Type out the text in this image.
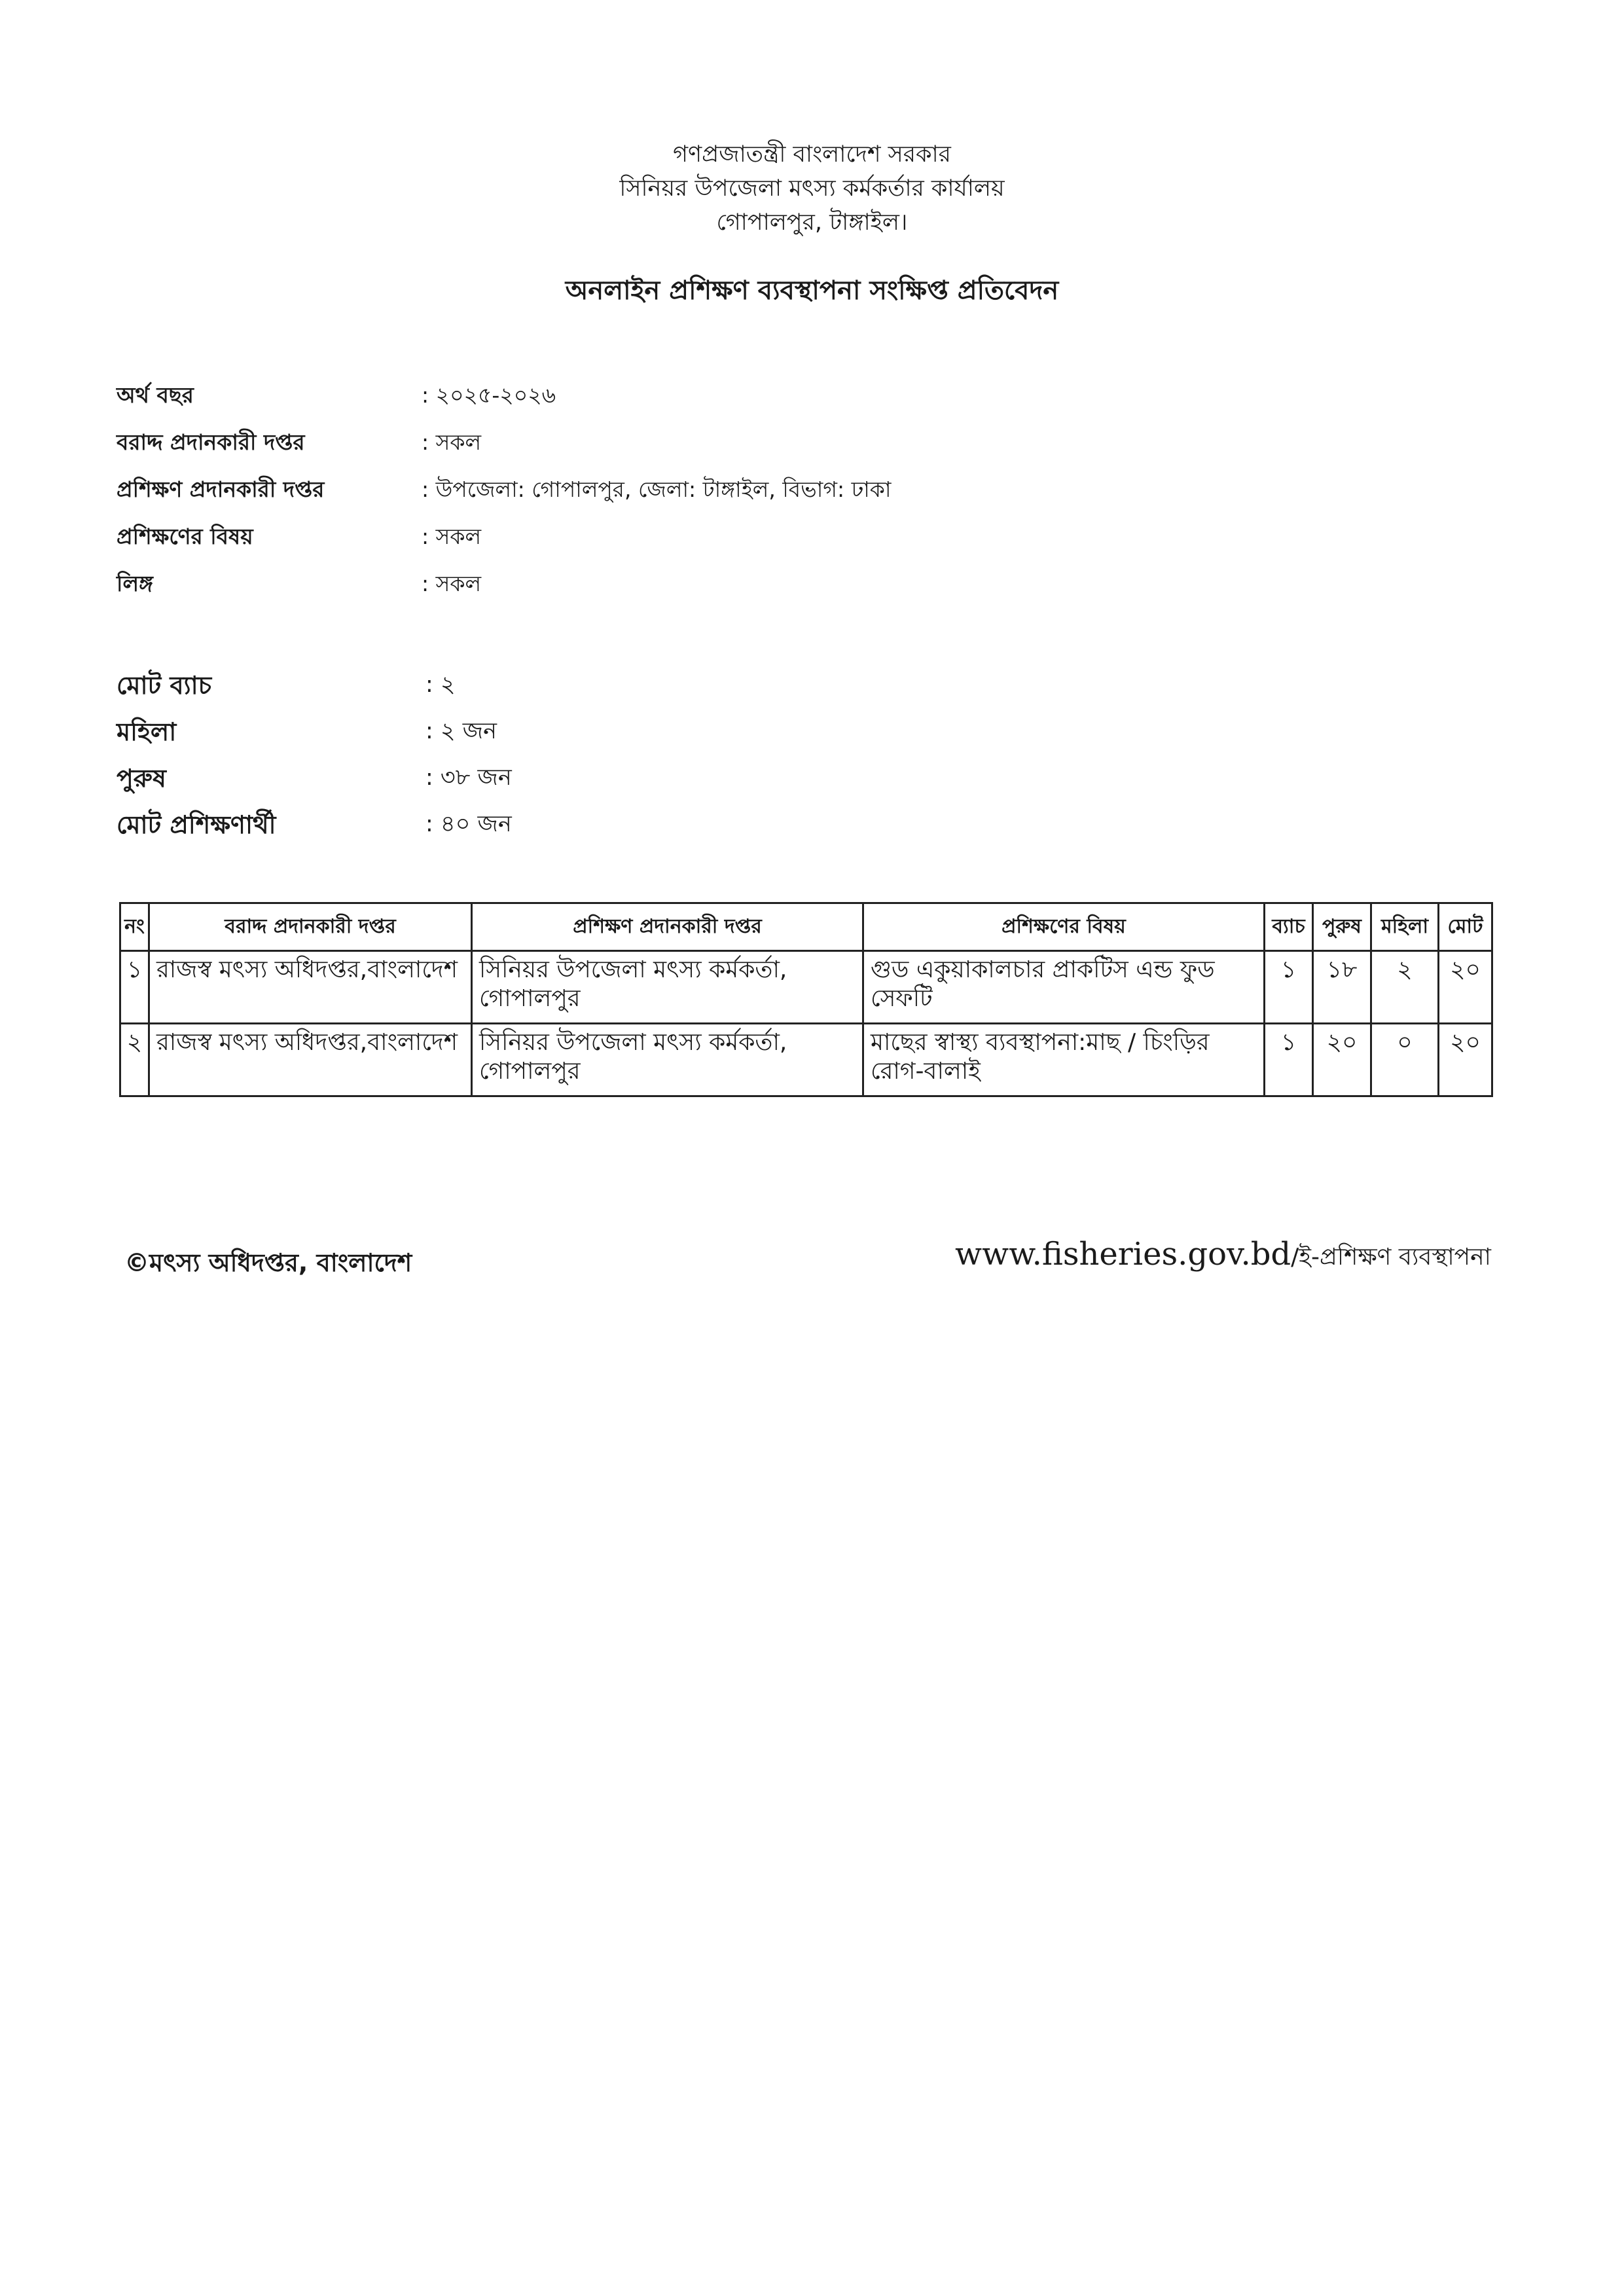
গণপ্রজাতন্ত্রী বাংলাদেশ সরকার
সিনিয়র উপজেলা মৎস্য কর্মকর্তার কার্যালয়
গোপালপুর, টাঙ্গাইল।
অনলাইন প্রশিক্ষণ ব্যবস্থাপনা সংক্ষিপ্ত প্রতিবেদন
অর্থ বছর	: ২০২৫-২০২৬
বরাদ্দ প্রদানকারী দপ্তর	: সকল
প্রশিক্ষণ প্রদানকারী দপ্তর	: উপজেলা: গোপালপুর, জেলা: টাঙ্গাইল, বিভাগ: ঢাকা
প্রশিক্ষণের বিষয়	: সকল
লিঙ্গ	: সকল
মোট ব্যাচ	: ২
মহিলা	: ২ জন
পুরুষ	: ৩৮ জন
মোট প্রশিক্ষণার্থী	: ৪০ জন
নং	বরাদ্দ প্রদানকারী দপ্তর	প্রশিক্ষণ প্রদানকারী দপ্তর	প্রশিক্ষণের বিষয়	ব্যাচ	পুরুষ	মহিলা	মোট
১	রাজস্ব মৎস্য অধিদপ্তর,বাংলাদেশ	সিনিয়র উপজেলা মৎস্য কর্মকর্তা, গোপালপুর	গুড একুয়াকালচার প্রাকটিস এন্ড ফুড সেফটি	১	১৮	২	২০
২	রাজস্ব মৎস্য অধিদপ্তর,বাংলাদেশ	সিনিয়র উপজেলা মৎস্য কর্মকর্তা, গোপালপুর	মাছের স্বাস্থ্য ব্যবস্থাপনা:মাছ / চিংড়ির রোগ-বালাই	১	২০	০	২০
©মৎস্য অধিদপ্তর, বাংলাদেশ	www.fisheries.gov.bd/ই-প্রশিক্ষণ ব্যবস্থাপনা
